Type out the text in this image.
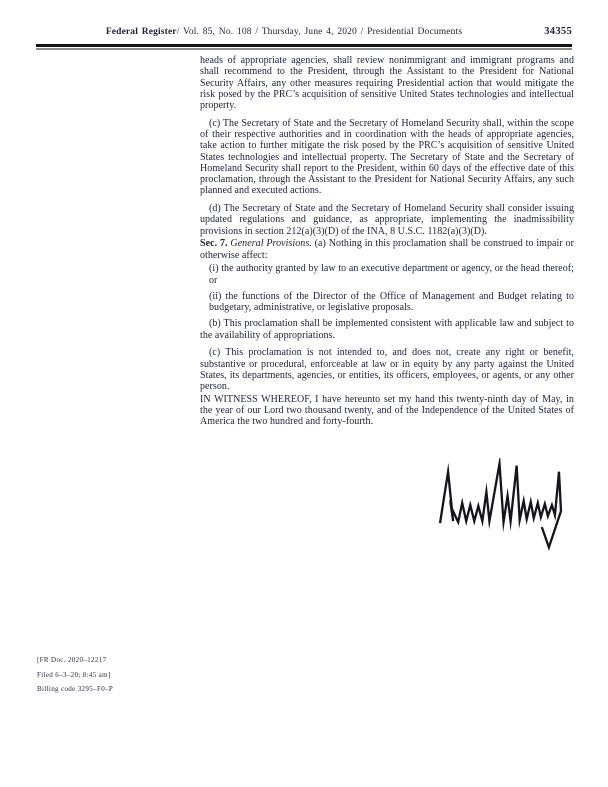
Federal Register/ Vol. 85, No. 108 / Thursday, June 4, 2020 / Presidential Documents	34355

heads of appropriate agencies, shall review nonimmigrant and immigrant programs and shall recommend to the President, through the Assistant to the President for National Security Affairs, any other measures requiring Presidential action that would mitigate the risk posed by the PRC’s acquisition of sensitive United States technologies and intellectual property.

(c) The Secretary of State and the Secretary of Homeland Security shall, within the scope of their respective authorities and in coordination with the heads of appropriate agencies, take action to further mitigate the risk posed by the PRC’s acquisition of sensitive United States technologies and intellectual property. The Secretary of State and the Secretary of Homeland Security shall report to the President, within 60 days of the effective date of this proclamation, through the Assistant to the President for National Security Affairs, any such planned and executed actions.

(d) The Secretary of State and the Secretary of Homeland Security shall consider issuing updated regulations and guidance, as appropriate, implementing the inadmissibility provisions in section 212(a)(3)(D) of the INA, 8 U.S.C. 1182(a)(3)(D).

Sec. 7. General Provisions. (a) Nothing in this proclamation shall be construed to impair or otherwise affect:

(i) the authority granted by law to an executive department or agency, or the head thereof; or

(ii) the functions of the Director of the Office of Management and Budget relating to budgetary, administrative, or legislative proposals.

(b) This proclamation shall be implemented consistent with applicable law and subject to the availability of appropriations.

(c) This proclamation is not intended to, and does not, create any right or benefit, substantive or procedural, enforceable at law or in equity by any party against the United States, its departments, agencies, or entities, its officers, employees, or agents, or any other person.

IN WITNESS WHEREOF, I have hereunto set my hand this twenty-ninth day of May, in the year of our Lord two thousand twenty, and of the Independence of the United States of America the two hundred and forty-fourth.

[FR Doc. 2020–12217
Filed 6–3–20; 8:45 am]
Billing code 3295–F0–P
